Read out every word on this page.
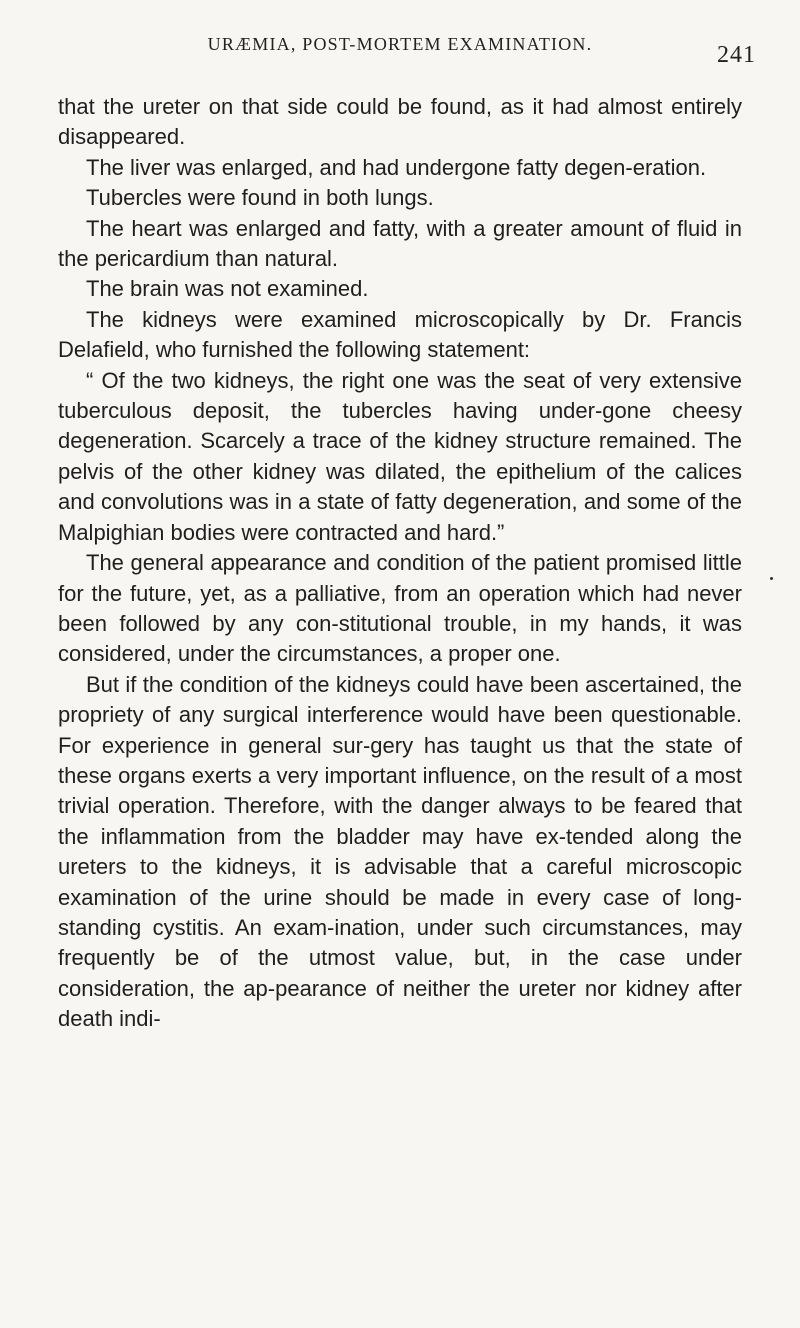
URÆMIA, POST-MORTEM EXAMINATION.	241

that the ureter on that side could be found, as it had almost entirely disappeared.

The liver was enlarged, and had undergone fatty degen-eration.

Tubercles were found in both lungs.

The heart was enlarged and fatty, with a greater amount of fluid in the pericardium than natural.

The brain was not examined.

The kidneys were examined microscopically by Dr. Francis Delafield, who furnished the following statement:

“ Of the two kidneys, the right one was the seat of very extensive tuberculous deposit, the tubercles having under-gone cheesy degeneration. Scarcely a trace of the kidney structure remained. The pelvis of the other kidney was dilated, the epithelium of the calices and convolutions was in a state of fatty degeneration, and some of the Malpighian bodies were contracted and hard.”

The general appearance and condition of the patient promised little for the future, yet, as a palliative, from an operation which had never been followed by any con-stitutional trouble, in my hands, it was considered, under the circumstances, a proper one.

But if the condition of the kidneys could have been ascertained, the propriety of any surgical interference would have been questionable. For experience in general sur-gery has taught us that the state of these organs exerts a very important influence, on the result of a most trivial operation. Therefore, with the danger always to be feared that the inflammation from the bladder may have ex-tended along the ureters to the kidneys, it is advisable that a careful microscopic examination of the urine should be made in every case of long-standing cystitis. An exam-ination, under such circumstances, may frequently be of the utmost value, but, in the case under consideration, the ap-pearance of neither the ureter nor kidney after death indi-
